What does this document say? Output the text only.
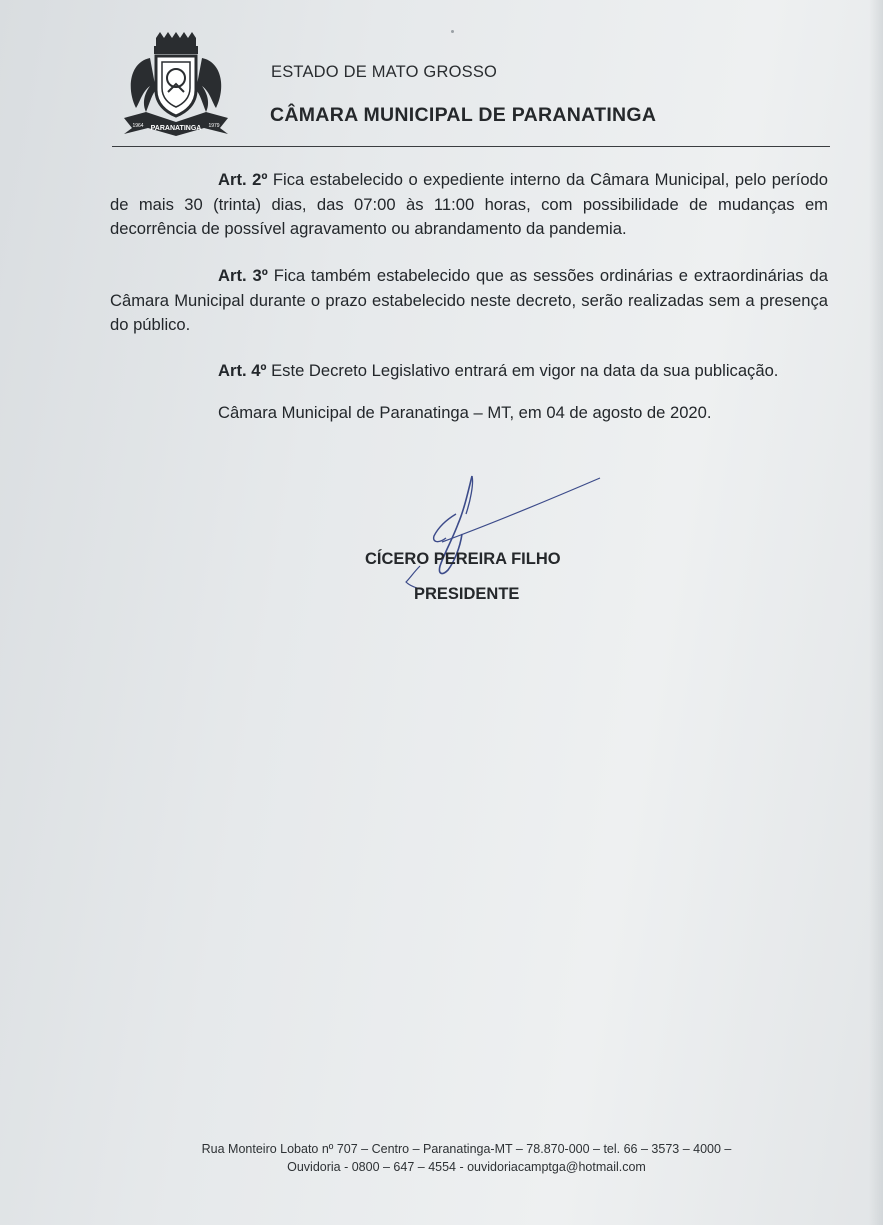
PARANATINGA
1964	1979
ESTADO DE MATO GROSSO
CÂMARA MUNICIPAL DE PARANATINGA
Art. 2º Fica estabelecido o expediente interno da Câmara Municipal, pelo período de mais 30 (trinta) dias, das 07:00 às 11:00 horas, com possibilidade de mudanças em decorrência de possível agravamento ou abrandamento da pandemia.
Art. 3º Fica também estabelecido que as sessões ordinárias e extraordinárias da Câmara Municipal durante o prazo estabelecido neste decreto, serão realizadas sem a presença do público.
Art. 4º Este Decreto Legislativo entrará em vigor na data da sua publicação.
Câmara Municipal de Paranatinga – MT, em 04 de agosto de 2020.
CÍCERO PEREIRA FILHO
PRESIDENTE
Rua Monteiro Lobato nº 707 – Centro – Paranatinga-MT – 78.870-000 – tel. 66 – 3573 – 4000 –
Ouvidoria - 0800 – 647 – 4554 - ouvidoriacamptga@hotmail.com
